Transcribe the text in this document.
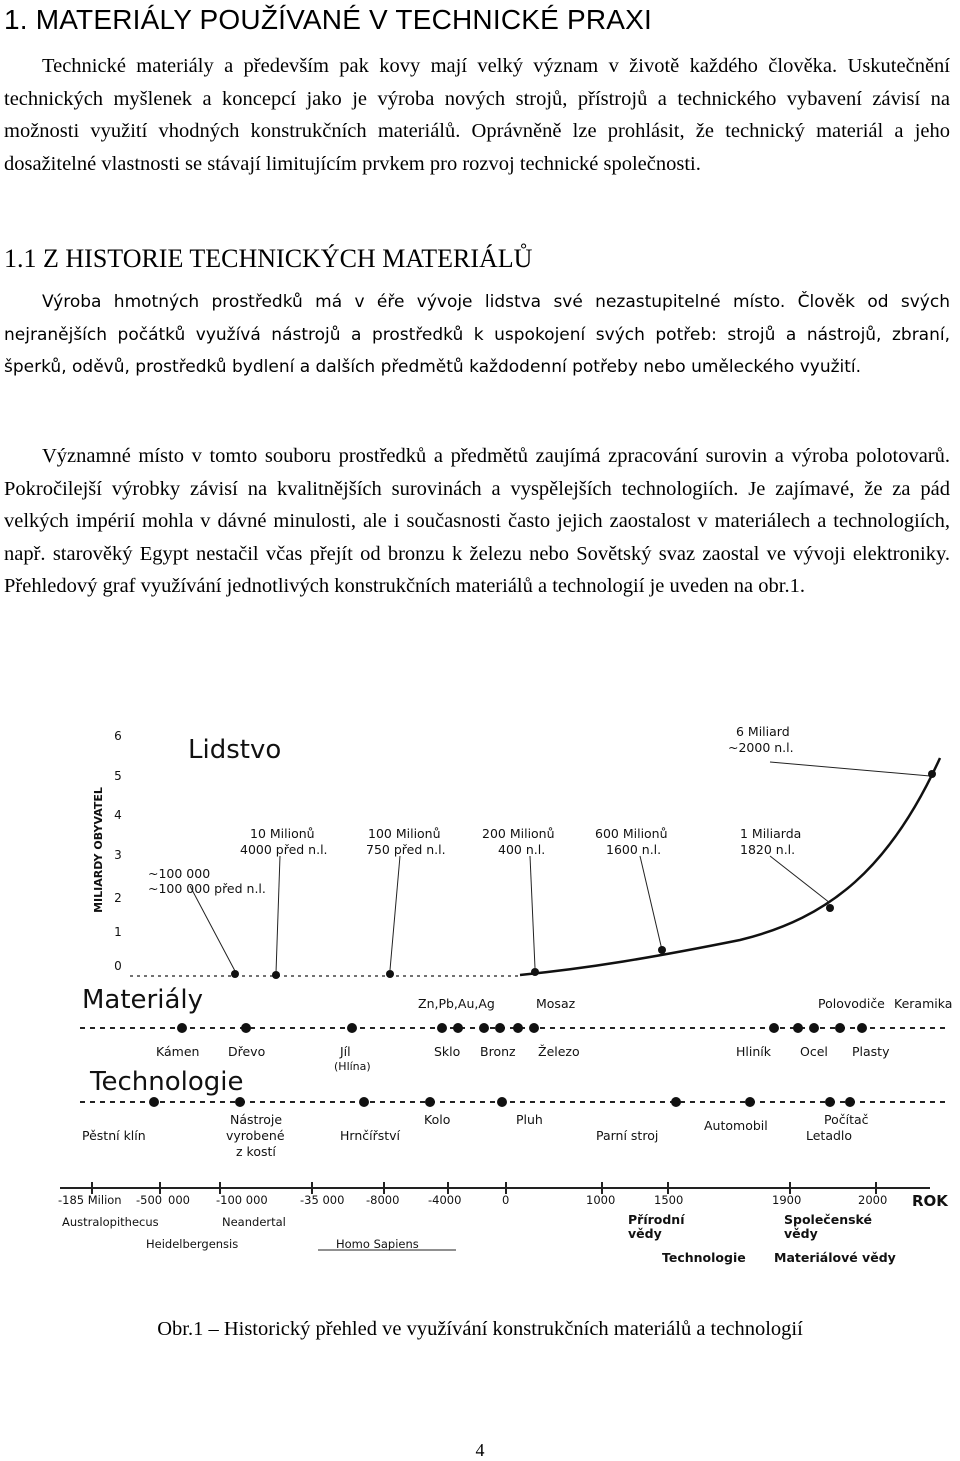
1. MATERIÁLY POUŽÍVANÉ V TECHNICKÉ PRAXI

Technické materiály a především pak kovy mají velký význam v životě každého člověka. Uskutečnění technických myšlenek a koncepcí jako je výroba nových strojů, přístrojů a technického vybavení závisí na možnosti využití vhodných konstrukčních materiálů. Oprávněně lze prohlásit, že technický materiál a jeho dosažitelné vlastnosti se stávají limitujícím prvkem pro rozvoj technické společnosti.

1.1 Z HISTORIE TECHNICKÝCH MATERIÁLŮ

Výroba hmotných prostředků má v éře vývoje lidstva své nezastupitelné místo. Člověk od svých nejranějších počátků využívá nástrojů a prostředků k uspokojení svých potřeb: strojů a nástrojů, zbraní, šperků, oděvů, prostředků bydlení a dalších předmětů každodenní potřeby nebo uměleckého využití.

Významné místo v tomto souboru prostředků a předmětů zaujímá zpracování surovin a výroba polotovarů. Pokročilejší výrobky závisí na kvalitnějších surovinách a vyspělejších technologiích. Je zajímavé, že za pád velkých impérií mohla v dávné minulosti, ale i současnosti často jejich zaostalost v materiálech a technologiích, např. starověký Egypt nestačil včas přejít od bronzu k železu nebo Sovětský svaz zaostal ve vývoji elektroniky. Přehledový graf využívání jednotlivých konstrukčních materiálů a technologií je uveden na obr.1.

Lidstvo
MILIARDY OBYVATEL
0
1
2
3
4
5
6
~100 000
~100 000 před n.l.
10 Milionů
4000 před n.l.
100 Milionů
750 před n.l.
200 Milionů
400 n.l.
600 Milionů
1600 n.l.
1 Miliarda
1820 n.l.
6 Miliard
~2000 n.l.
Materiály	Zn,Pb,Au,Ag	Mosaz	Polovodiče Keramika
Kámen Dřevo	Jíl
(Hlína)
Sklo Bronz Železo	Hliník Ocel Plasty
Technologie
Pěstní klín
Nástroje
vyrobené
z kostí
Hrnčířství
Kolo	Pluh
Parní stroj
Automobil	Počítač
Letadlo
-185 Milion -500 000 -100 000	-35 000 -8000 -4000	0	1000	1500	1900	2000 ROK
Australopithecus	Neandertal
Heidelbergensis	Homo Sapiens
Přírodní
vědy
Společenské
vědy
Technologie Materiálové vědy
Obr.1 – Historický přehled ve využívání konstrukčních materiálů a technologií
4
